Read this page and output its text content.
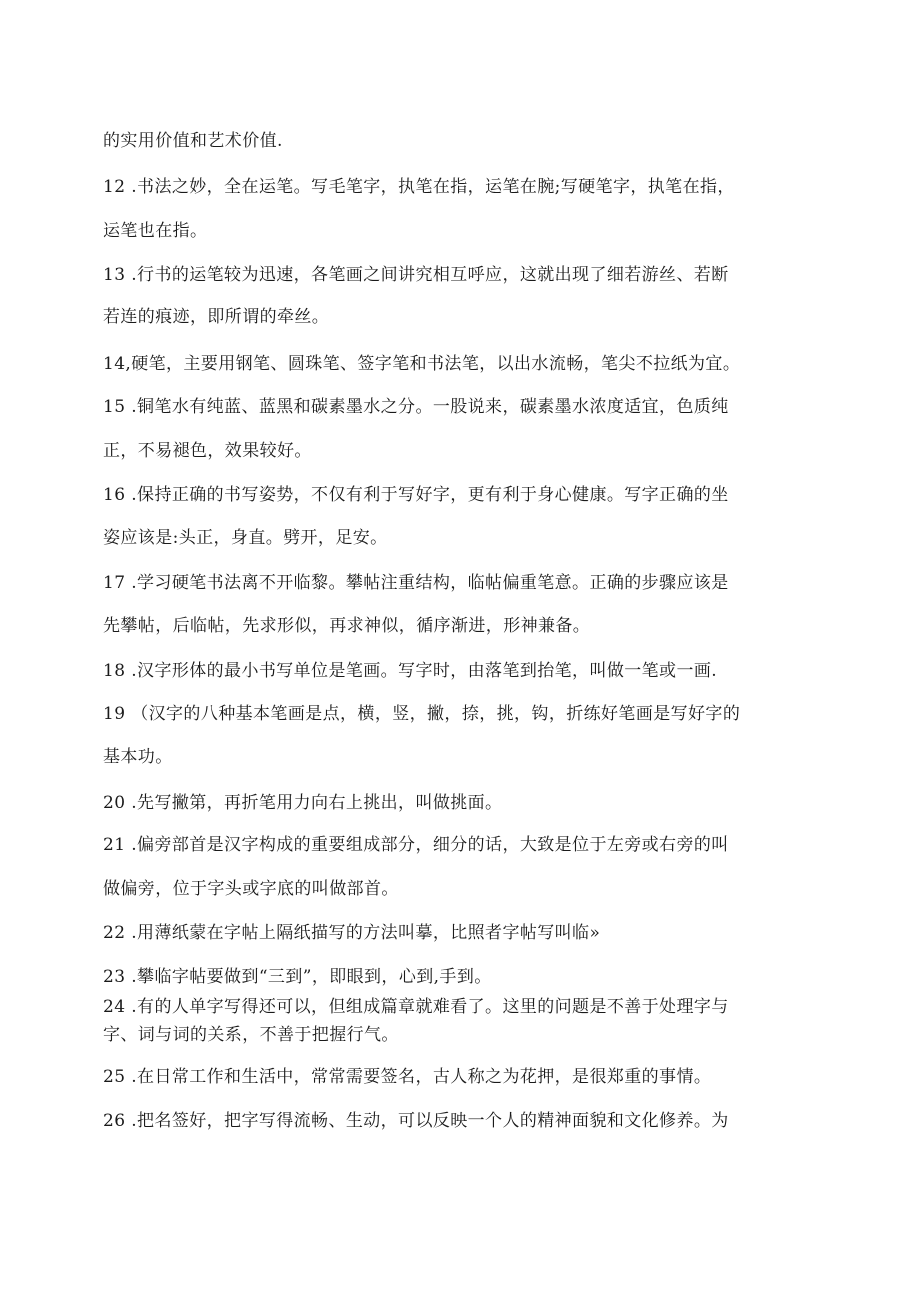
的实用价值和艺术价值.
12 .书法之妙，全在运笔。写毛笔字，执笔在指，运笔在腕;写硬笔字，执笔在指，
运笔也在指。
13 .行书的运笔较为迅速，各笔画之间讲究相互呼应，这就出现了细若游丝、若断
若连的痕迹，即所谓的牵丝。
14,硬笔，主要用钢笔、圆珠笔、签字笔和书法笔，以出水流畅，笔尖不拉纸为宜。
15 .铜笔水有纯蓝、蓝黑和碳素墨水之分。一股说来，碳素墨水浓度适宜，色质纯
正，不易褪色，效果较好。
16 .保持正确的书写姿势，不仅有利于写好字，更有利于身心健康。写字正确的坐
姿应该是:头正，身直。劈开，足安。
17 .学习硬笔书法离不开临黎。攀帖注重结构，临帖偏重笔意。正确的步骤应该是
先攀帖，后临帖，先求形似，再求神似，循序渐进，形神兼备。
18 .汉字形体的最小书写单位是笔画。写字时，由落笔到抬笔，叫做一笔或一画.
19 （汉字的八种基本笔画是点，横，竖，撇，捺，挑，钩，折练好笔画是写好字的
基本功。
20 .先写撇第，再折笔用力向右上挑出，叫做挑面。
21 .偏旁部首是汉字构成的重要组成部分，细分的话，大致是位于左旁或右旁的叫
做偏旁，位于字头或字底的叫做部首。
22 .用薄纸蒙在字帖上隔纸描写的方法叫摹，比照者字帖写叫临»
23 .攀临字帖要做到“三到”，即眼到，心到,手到。
24 .有的人单字写得还可以，但组成篇章就难看了。这里的问题是不善于处理字与
字、词与词的关系，不善于把握行气。
25 .在日常工作和生活中，常常需要签名，古人称之为花押，是很郑重的事情。
26 .把名签好，把字写得流畅、生动，可以反映一个人的精神面貌和文化修养。为
